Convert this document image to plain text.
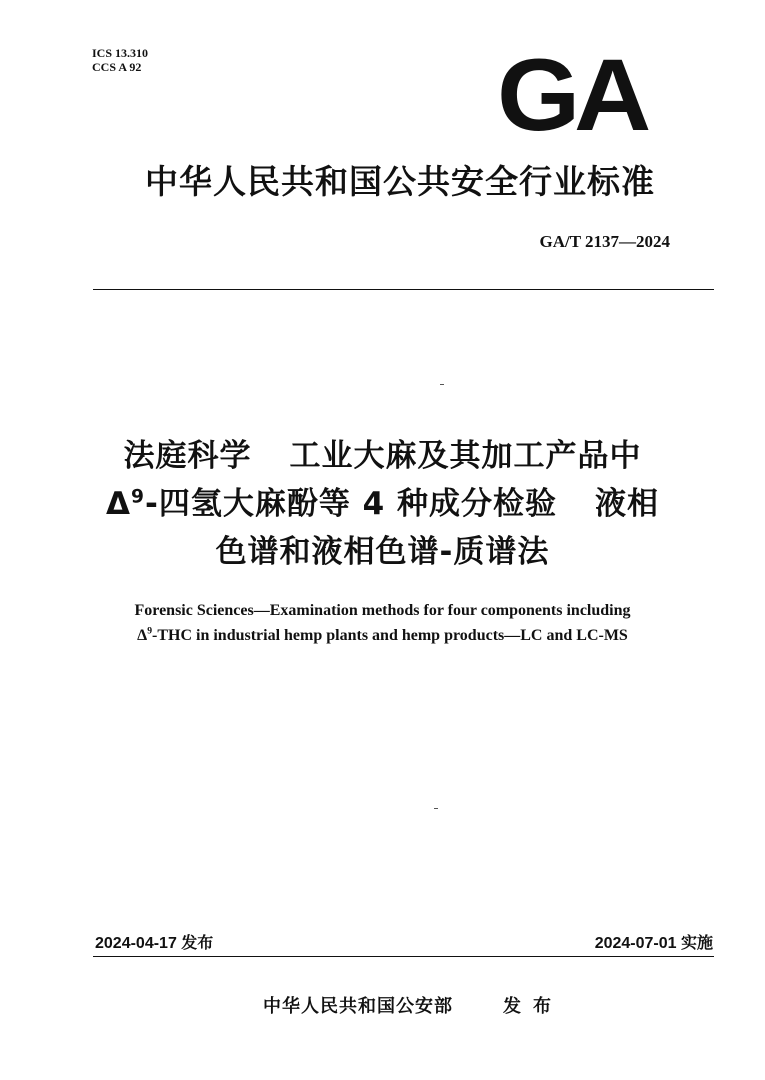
ICS 13.310
CCS A 92	GA
中华人民共和国公共安全行业标准
GA/T 2137—2024
法庭科学 工业大麻及其加工产品中
$\Delta^9-$四氢大麻酚等 4 种成分检验 液相
色谱和液相色谱-质谱法
Forensic Sciences—Examination methods for four components including
$\Delta^9$-THC in industrial hemp plants and hemp products—LC and LC-MS
2024-04-17 发布	2024-07-01 实施
中华人民共和国公安部	发布
